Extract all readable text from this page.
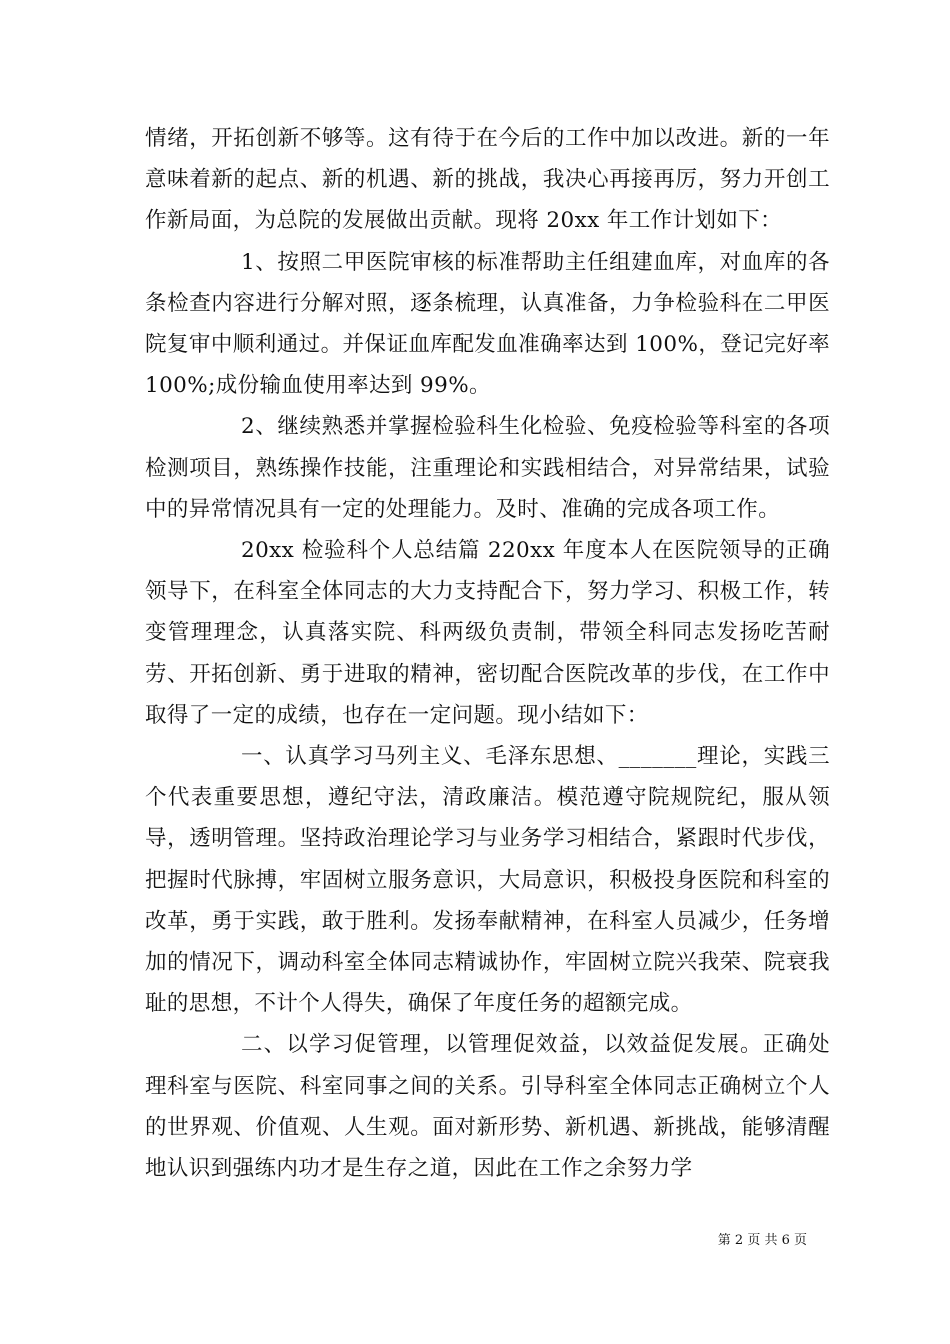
情绪，开拓创新不够等。这有待于在今后的工作中加以改进。新的一年意味着新的起点、新的机遇、新的挑战，我决心再接再厉，努力开创工作新局面，为总院的发展做出贡献。现将 20xx 年工作计划如下：

1、按照二甲医院审核的标准帮助主任组建血库，对血库的各条检查内容进行分解对照，逐条梳理，认真准备，力争检验科在二甲医院复审中顺利通过。并保证血库配发血准确率达到 100%，登记完好率 100%;成份输血使用率达到 99%。

2、继续熟悉并掌握检验科生化检验、免疫检验等科室的各项检测项目，熟练操作技能，注重理论和实践相结合，对异常结果，试验中的异常情况具有一定的处理能力。及时、准确的完成各项工作。

20xx 检验科个人总结篇 220xx 年度本人在医院领导的正确领导下，在科室全体同志的大力支持配合下，努力学习、积极工作，转变管理理念，认真落实院、科两级负责制，带领全科同志发扬吃苦耐劳、开拓创新、勇于进取的精神，密切配合医院改革的步伐，在工作中取得了一定的成绩，也存在一定问题。现小结如下：

一、认真学习马列主义、毛泽东思想、_______理论，实践三个代表重要思想，遵纪守法，清政廉洁。模范遵守院规院纪，服从领导，透明管理。坚持政治理论学习与业务学习相结合，紧跟时代步伐，把握时代脉搏，牢固树立服务意识，大局意识，积极投身医院和科室的改革，勇于实践，敢于胜利。发扬奉献精神，在科室人员减少，任务增加的情况下，调动科室全体同志精诚协作，牢固树立院兴我荣、院衰我耻的思想，不计个人得失，确保了年度任务的超额完成。

二、以学习促管理，以管理促效益，以效益促发展。正确处理科室与医院、科室同事之间的关系。引导科室全体同志正确树立个人的世界观、价值观、人生观。面对新形势、新机遇、新挑战，能够清醒地认识到强练内功才是生存之道，因此在工作之余努力学

第 2 页 共 6 页
